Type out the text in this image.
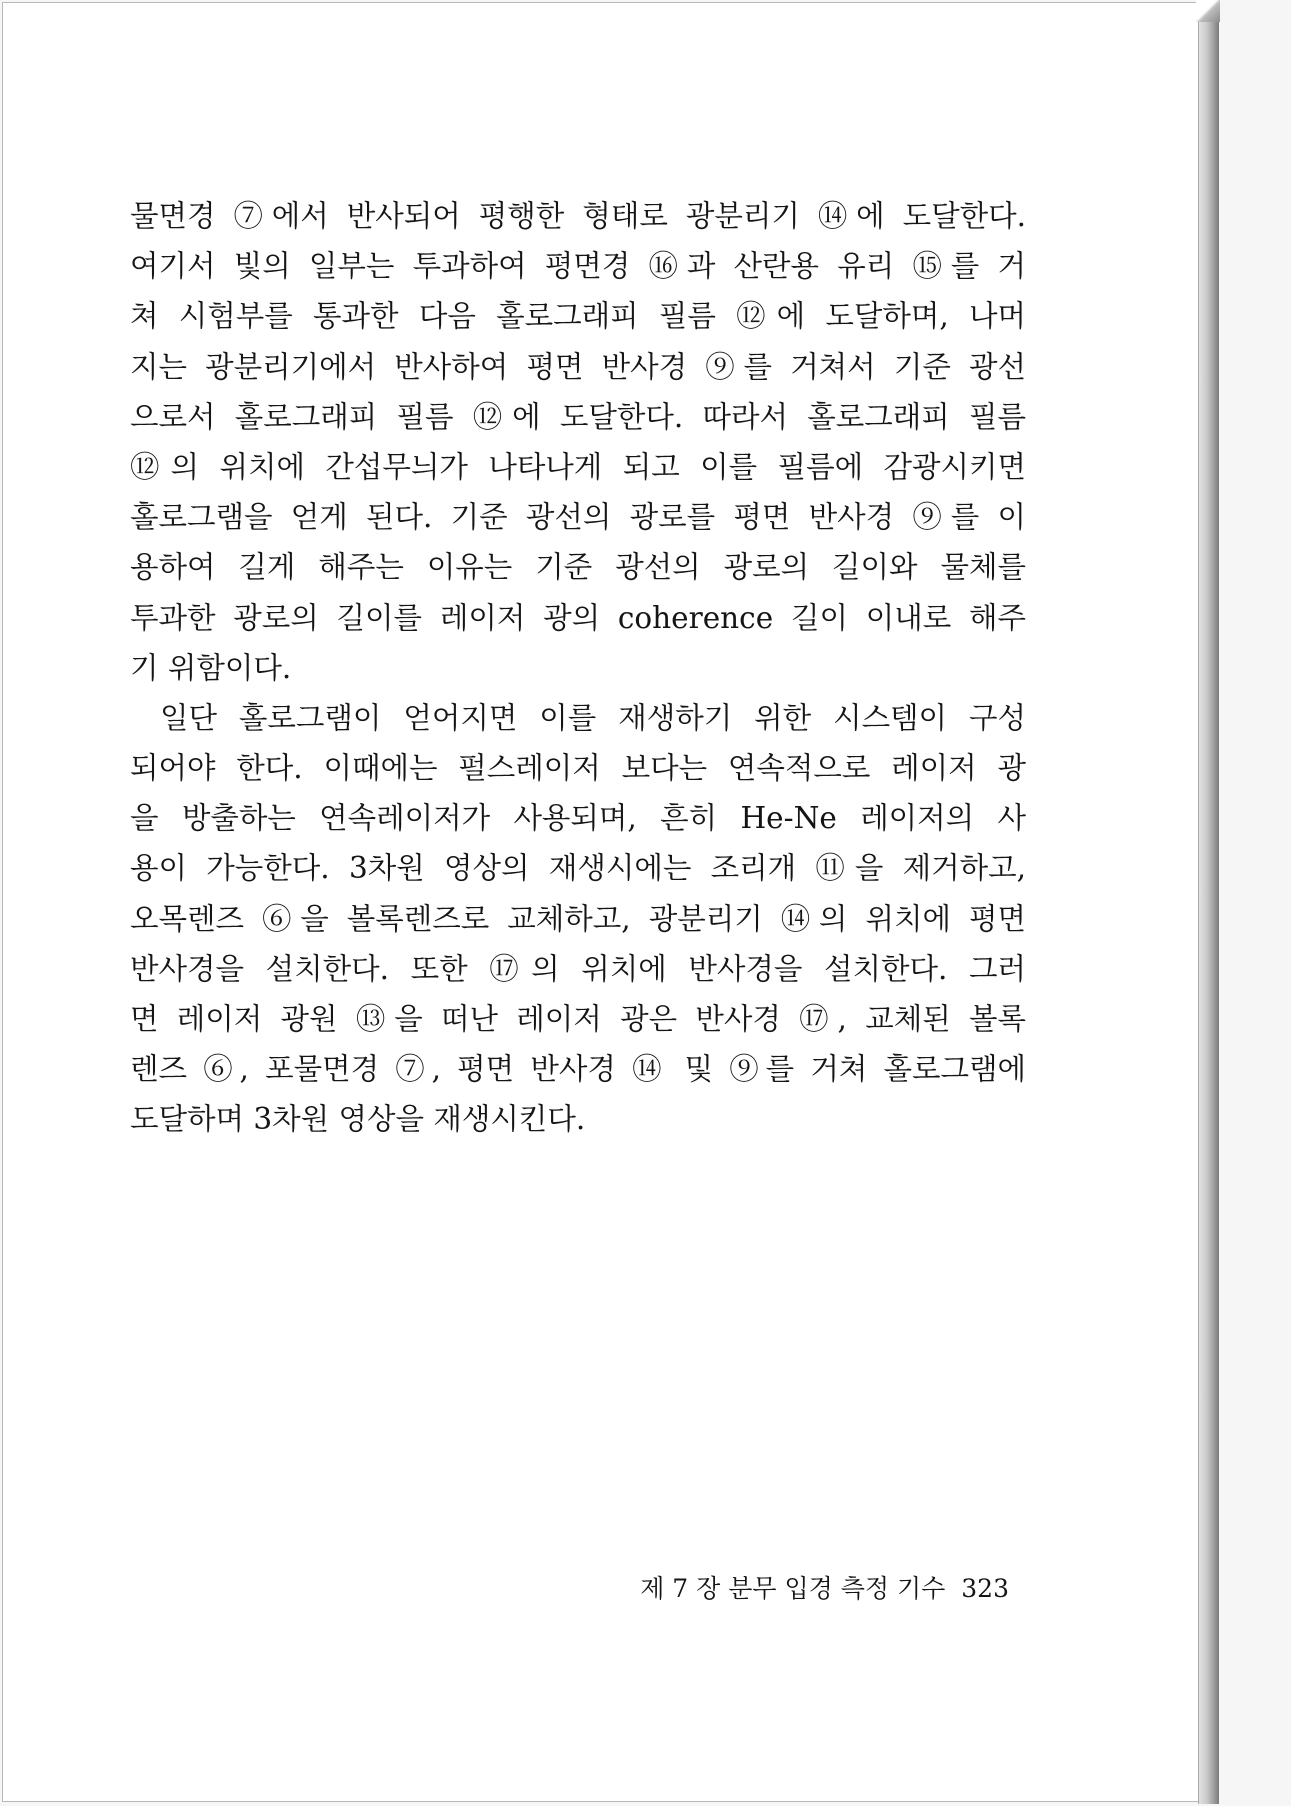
물면경 ⑦에서 반사되어 평행한 형태로 광분리기 ⑭에 도달한다.
여기서 빛의 일부는 투과하여 평면경 ⑯과 산란용 유리 ⑮를 거
쳐 시험부를 통과한 다음 홀로그래피 필름 ⑫에 도달하며, 나머
지는 광분리기에서 반사하여 평면 반사경 ⑨를 거쳐서 기준 광선
으로서 홀로그래피 필름 ⑫에 도달한다. 따라서 홀로그래피 필름
⑫의 위치에 간섭무늬가 나타나게 되고 이를 필름에 감광시키면
홀로그램을 얻게 된다. 기준 광선의 광로를 평면 반사경 ⑨를 이
용하여 길게 해주는 이유는 기준 광선의 광로의 길이와 물체를
투과한 광로의 길이를 레이저 광의 coherence 길이 이내로 해주
기 위함이다.
일단 홀로그램이 얻어지면 이를 재생하기 위한 시스템이 구성
되어야 한다. 이때에는 펄스레이저 보다는 연속적으로 레이저 광
을 방출하는 연속레이저가 사용되며, 흔히 He-Ne 레이저의 사
용이 가능한다. 3차원 영상의 재생시에는 조리개 ⑪을 제거하고,
오목렌즈 ⑥을 볼록렌즈로 교체하고, 광분리기 ⑭의 위치에 평면
반사경을 설치한다. 또한 ⑰의 위치에 반사경을 설치한다. 그러
면 레이저 광원 ⑬을 떠난 레이저 광은 반사경 ⑰, 교체된 볼록
렌즈 ⑥, 포물면경 ⑦, 평면 반사경 ⑭ 및 ⑨를 거쳐 홀로그램에
도달하며 3차원 영상을 재생시킨다.
제 7 장 분무 입경 측정 기수 323
